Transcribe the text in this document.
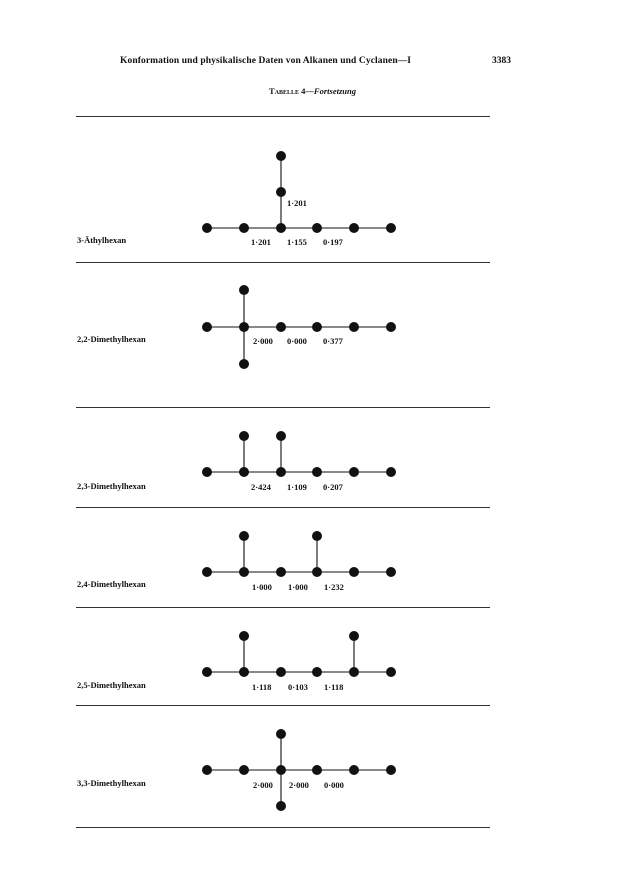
Konformation und physikalische Daten von Alkanen und Cyclanen—I	3383
Tabelle 4—Fortsetzung
3-Äthylhexan
2,2-Dimethylhexan
2,3-Dimethylhexan
2,4-Dimethylhexan
2,5-Dimethylhexan
3,3-Dimethylhexan
1·201
1·201 1·155 0·197
2·000 0·000 0·377
2·424 1·109 0·207
1·000 1·000 1·232
1·118 0·103 1·118
2·000 2·000 0·000
